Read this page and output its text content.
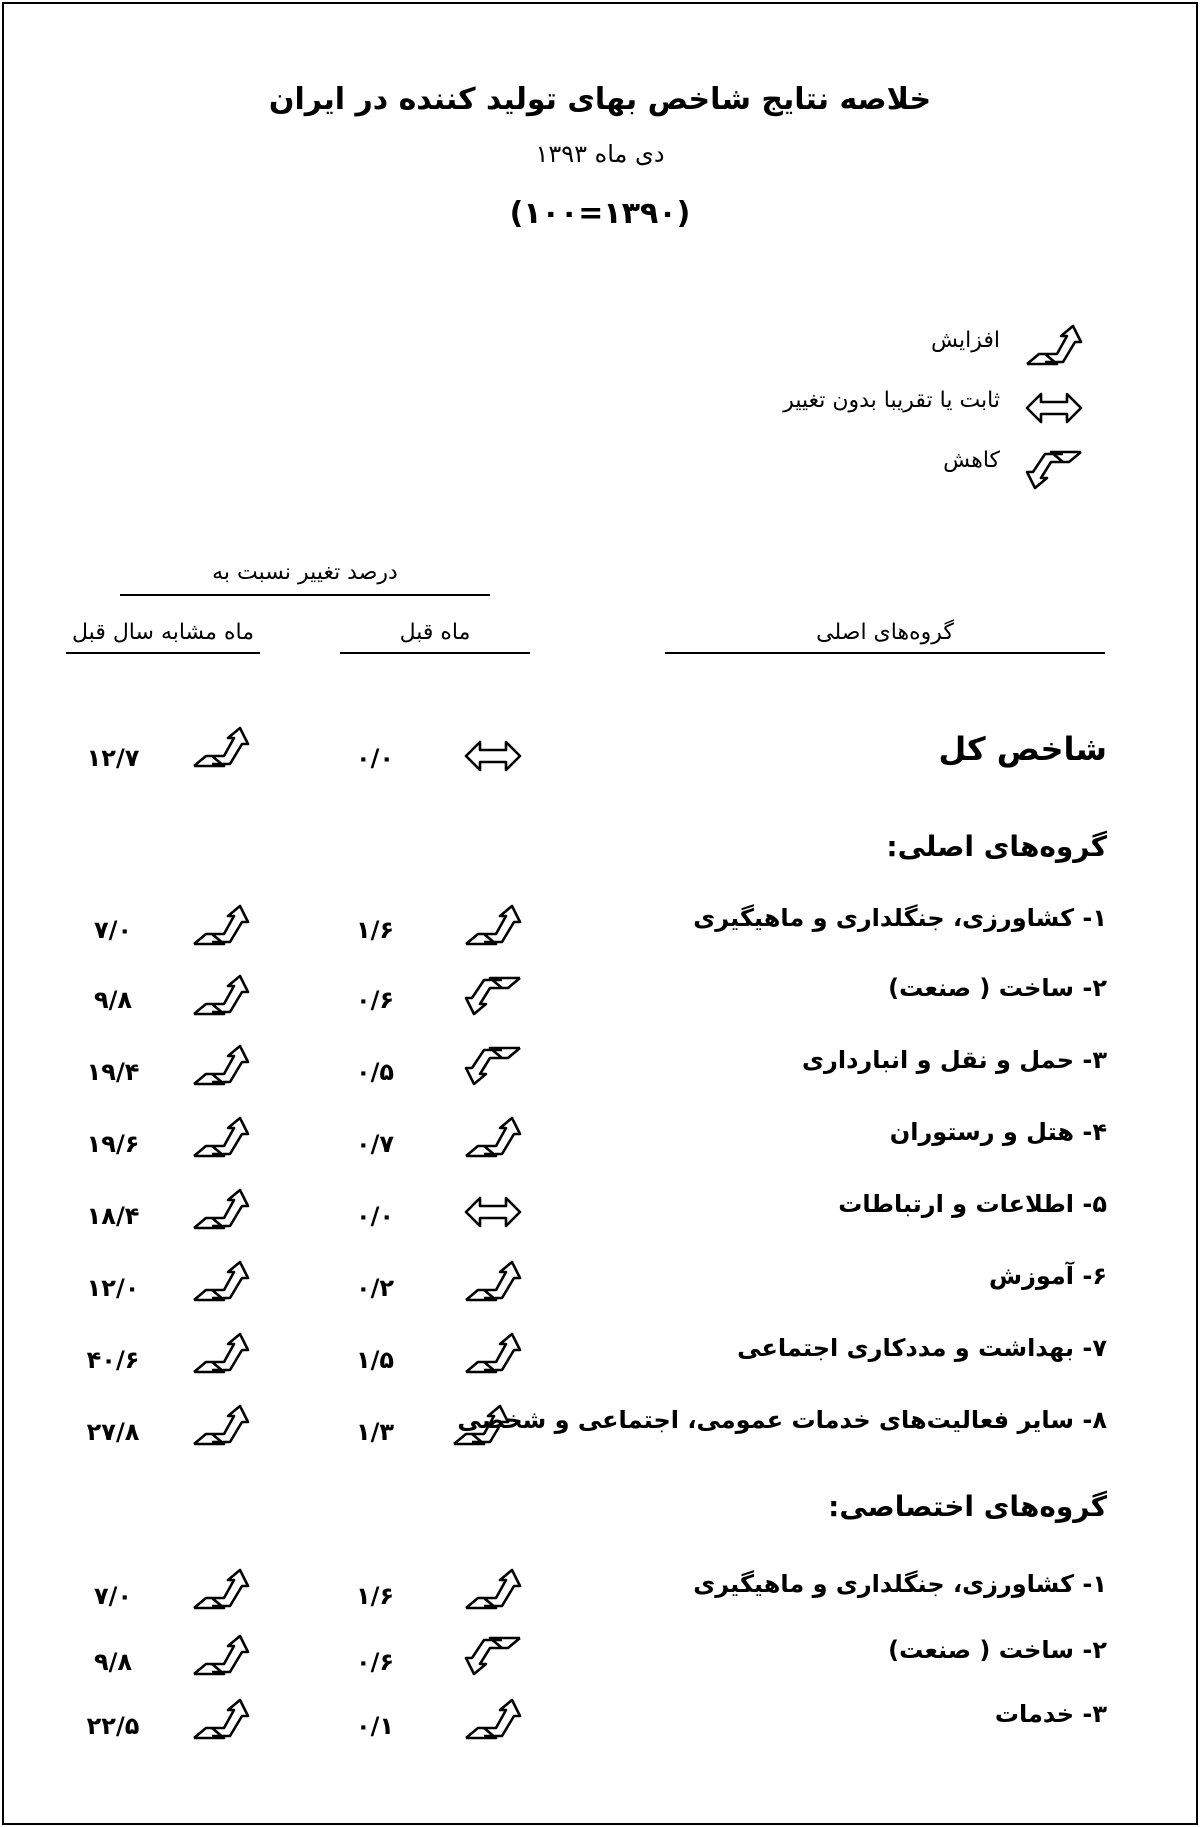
خلاصه نتایج شاخص بهای تولید کننده در ایران
دی ماه ۱۳۹۳
(۱۳۹۰=۱۰۰)
افزایش
ثابت یا تقریبا بدون تغییر
کاهش
درصد تغییر نسبت به
ماه قبل
ماه مشابه سال قبل	گروه‌های اصلی
شاخص کل
۰/۰
۱۲/۷
گروه‌های اصلی:
۱- کشاورزی، جنگلداری و ماهیگیری
۱/۶
۷/۰
۲- ساخت ( صنعت)
۰/۶
۹/۸
۳- حمل و نقل و انبارداری
۰/۵
۱۹/۴
۴- هتل و رستوران
۰/۷
۱۹/۶
۵- اطلاعات و ارتباطات
۰/۰
۱۸/۴
۶- آموزش
۰/۲
۱۲/۰
۷- بهداشت و مددکاری اجتماعی
۱/۵
۴۰/۶
۸- سایر فعالیت‌های خدمات عمومی، اجتماعی و شخصی
۱/۳
۲۷/۸
گروه‌های اختصاصی:
۱- کشاورزی، جنگلداری و ماهیگیری
۱/۶
۷/۰
۲- ساخت ( صنعت)
۰/۶
۹/۸
۳- خدمات
۰/۱
۲۲/۵
